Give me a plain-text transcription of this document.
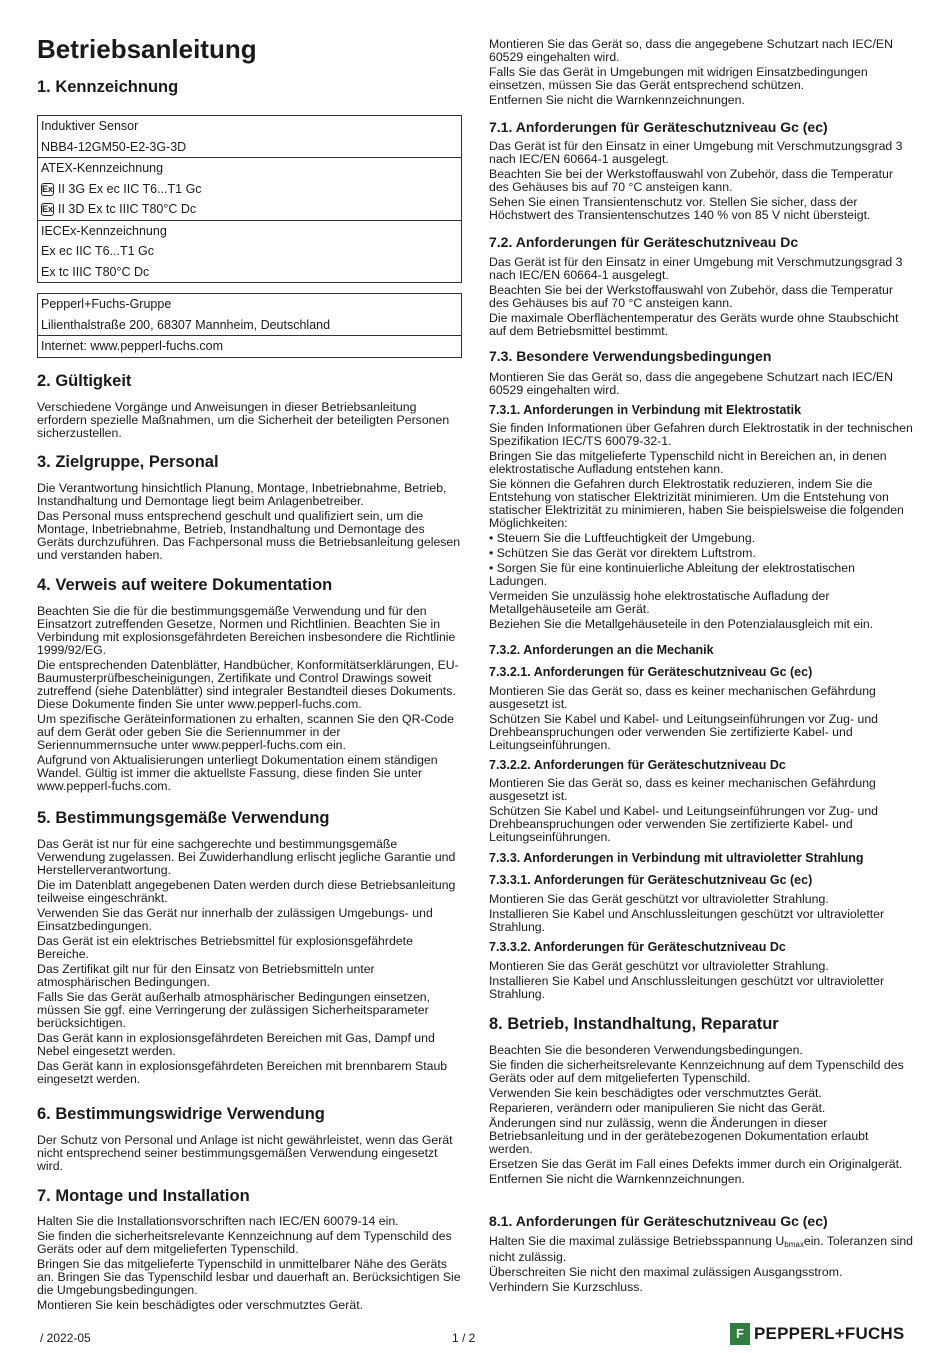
Betriebsanleitung
1. Kennzeichnung
Induktiver Sensor
NBB4-12GM50-E2-3G-3D
ATEX-Kennzeichnung
Ex II 3G Ex ec IIC T6...T1 Gc
Ex II 3D Ex tc IIIC T80°C Dc
IECEx-Kennzeichnung
Ex ec IIC T6...T1 Gc
Ex tc IIIC T80°C Dc
Pepperl+Fuchs-Gruppe
Lilienthalstraße 200, 68307 Mannheim, Deutschland
Internet: www.pepperl-fuchs.com
2. Gültigkeit

Verschiedene Vorgänge und Anweisungen in dieser Betriebsanleitung erfordern spezielle Maßnahmen, um die Sicherheit der beteiligten Personen sicherzustellen.

3. Zielgruppe, Personal

Die Verantwortung hinsichtlich Planung, Montage, Inbetriebnahme, Betrieb, Instandhaltung und Demontage liegt beim Anlagenbetreiber.

Das Personal muss entsprechend geschult und qualifiziert sein, um die Montage, Inbetriebnahme, Betrieb, Instandhaltung und Demontage des Geräts durchzuführen. Das Fachpersonal muss die Betriebsanleitung gelesen und verstanden haben.

4. Verweis auf weitere Dokumentation

Beachten Sie die für die bestimmungsgemäße Verwendung und für den Einsatzort zutreffenden Gesetze, Normen und Richtlinien. Beachten Sie in Verbindung mit explosionsgefährdeten Bereichen insbesondere die Richtlinie 1999/92/EG.

Die entsprechenden Datenblätter, Handbücher, Konformitätserklärungen, EU-Baumusterprüfbescheinigungen, Zertifikate und Control Drawings soweit zutreffend (siehe Datenblätter) sind integraler Bestandteil dieses Dokuments. Diese Dokumente finden Sie unter www.pepperl-fuchs.com.

Um spezifische Geräteinformationen zu erhalten, scannen Sie den QR-Code auf dem Gerät oder geben Sie die Seriennummer in der Seriennummernsuche unter www.pepperl-fuchs.com ein.

Aufgrund von Aktualisierungen unterliegt Dokumentation einem ständigen Wandel. Gültig ist immer die aktuellste Fassung, diese finden Sie unter www.pepperl-fuchs.com.

5. Bestimmungsgemäße Verwendung

Das Gerät ist nur für eine sachgerechte und bestimmungsgemäße Verwendung zugelassen. Bei Zuwiderhandlung erlischt jegliche Garantie und Herstellerverantwortung.

Die im Datenblatt angegebenen Daten werden durch diese Betriebsanleitung teilweise eingeschränkt.

Verwenden Sie das Gerät nur innerhalb der zulässigen Umgebungs- und Einsatzbedingungen.

Das Gerät ist ein elektrisches Betriebsmittel für explosionsgefährdete Bereiche.

Das Zertifikat gilt nur für den Einsatz von Betriebsmitteln unter atmosphärischen Bedingungen.

Falls Sie das Gerät außerhalb atmosphärischer Bedingungen einsetzen, müssen Sie ggf. eine Verringerung der zulässigen Sicherheitsparameter berücksichtigen.

Das Gerät kann in explosionsgefährdeten Bereichen mit Gas, Dampf und Nebel eingesetzt werden.

Das Gerät kann in explosionsgefährdeten Bereichen mit brennbarem Staub eingesetzt werden.

6. Bestimmungswidrige Verwendung

Der Schutz von Personal und Anlage ist nicht gewährleistet, wenn das Gerät nicht entsprechend seiner bestimmungsgemäßen Verwendung eingesetzt wird.

7. Montage und Installation

Halten Sie die Installationsvorschriften nach IEC/EN 60079-14 ein.

Sie finden die sicherheitsrelevante Kennzeichnung auf dem Typenschild des Geräts oder auf dem mitgelieferten Typenschild.

Bringen Sie das mitgelieferte Typenschild in unmittelbarer Nähe des Geräts an. Bringen Sie das Typenschild lesbar und dauerhaft an. Berücksichtigen Sie die Umgebungsbedingungen.

Montieren Sie kein beschädigtes oder verschmutztes Gerät.

Montieren Sie das Gerät so, dass die angegebene Schutzart nach IEC/EN 60529 eingehalten wird.

Falls Sie das Gerät in Umgebungen mit widrigen Einsatzbedingungen einsetzen, müssen Sie das Gerät entsprechend schützen.

Entfernen Sie nicht die Warnkennzeichnungen.

7.1. Anforderungen für Geräteschutzniveau Gc (ec)

Das Gerät ist für den Einsatz in einer Umgebung mit Verschmutzungsgrad 3 nach IEC/EN 60664-1 ausgelegt.

Beachten Sie bei der Werkstoffauswahl von Zubehör, dass die Temperatur des Gehäuses bis auf 70 °C ansteigen kann.

Sehen Sie einen Transientenschutz vor. Stellen Sie sicher, dass der Höchstwert des Transientenschutzes 140 % von 85 V nicht übersteigt.

7.2. Anforderungen für Geräteschutzniveau Dc

Das Gerät ist für den Einsatz in einer Umgebung mit Verschmutzungsgrad 3 nach IEC/EN 60664-1 ausgelegt.

Beachten Sie bei der Werkstoffauswahl von Zubehör, dass die Temperatur des Gehäuses bis auf 70 °C ansteigen kann.

Die maximale Oberflächentemperatur des Geräts wurde ohne Staubschicht auf dem Betriebsmittel bestimmt.

7.3. Besondere Verwendungsbedingungen

Montieren Sie das Gerät so, dass die angegebene Schutzart nach IEC/EN 60529 eingehalten wird.

7.3.1. Anforderungen in Verbindung mit Elektrostatik

Sie finden Informationen über Gefahren durch Elektrostatik in der technischen Spezifikation IEC/TS 60079-32-1.

Bringen Sie das mitgelieferte Typenschild nicht in Bereichen an, in denen elektrostatische Aufladung entstehen kann.

Sie können die Gefahren durch Elektrostatik reduzieren, indem Sie die Entstehung von statischer Elektrizität minimieren. Um die Entstehung von statischer Elektrizität zu minimieren, haben Sie beispielsweise die folgenden Möglichkeiten:

• Steuern Sie die Luftfeuchtigkeit der Umgebung.

• Schützen Sie das Gerät vor direktem Luftstrom.

• Sorgen Sie für eine kontinuierliche Ableitung der elektrostatischen Ladungen.

Vermeiden Sie unzulässig hohe elektrostatische Aufladung der Metallgehäuseteile am Gerät.

Beziehen Sie die Metallgehäuseteile in den Potenzialausgleich mit ein.

7.3.2. Anforderungen an die Mechanik
7.3.2.1. Anforderungen für Geräteschutzniveau Gc (ec)

Montieren Sie das Gerät so, dass es keiner mechanischen Gefährdung ausgesetzt ist.

Schützen Sie Kabel und Kabel- und Leitungseinführungen vor Zug- und Drehbeanspruchungen oder verwenden Sie zertifizierte Kabel- und Leitungseinführungen.

7.3.2.2. Anforderungen für Geräteschutzniveau Dc

Montieren Sie das Gerät so, dass es keiner mechanischen Gefährdung ausgesetzt ist.

Schützen Sie Kabel und Kabel- und Leitungseinführungen vor Zug- und Drehbeanspruchungen oder verwenden Sie zertifizierte Kabel- und Leitungseinführungen.

7.3.3. Anforderungen in Verbindung mit ultravioletter Strahlung
7.3.3.1. Anforderungen für Geräteschutzniveau Gc (ec)

Montieren Sie das Gerät geschützt vor ultravioletter Strahlung.

Installieren Sie Kabel und Anschlussleitungen geschützt vor ultravioletter Strahlung.

7.3.3.2. Anforderungen für Geräteschutzniveau Dc

Montieren Sie das Gerät geschützt vor ultravioletter Strahlung.

Installieren Sie Kabel und Anschlussleitungen geschützt vor ultravioletter Strahlung.

8. Betrieb, Instandhaltung, Reparatur

Beachten Sie die besonderen Verwendungsbedingungen.

Sie finden die sicherheitsrelevante Kennzeichnung auf dem Typenschild des Geräts oder auf dem mitgelieferten Typenschild.

Verwenden Sie kein beschädigtes oder verschmutztes Gerät.

Reparieren, verändern oder manipulieren Sie nicht das Gerät.

Änderungen sind nur zulässig, wenn die Änderungen in dieser Betriebsanleitung und in der gerätebezogenen Dokumentation erlaubt werden.

Ersetzen Sie das Gerät im Fall eines Defekts immer durch ein Originalgerät.

Entfernen Sie nicht die Warnkennzeichnungen.

8.1. Anforderungen für Geräteschutzniveau Gc (ec)

Halten Sie die maximal zulässige Betriebsspannung $U_{bmax}ein$. Toleranzen sind nicht zulässig.

Überschreiten Sie nicht den maximal zulässigen Ausgangsstrom.

Verhindern Sie Kurzschluss.

/ 2022-05	1 / 2	F PEPPERL+FUCHS
